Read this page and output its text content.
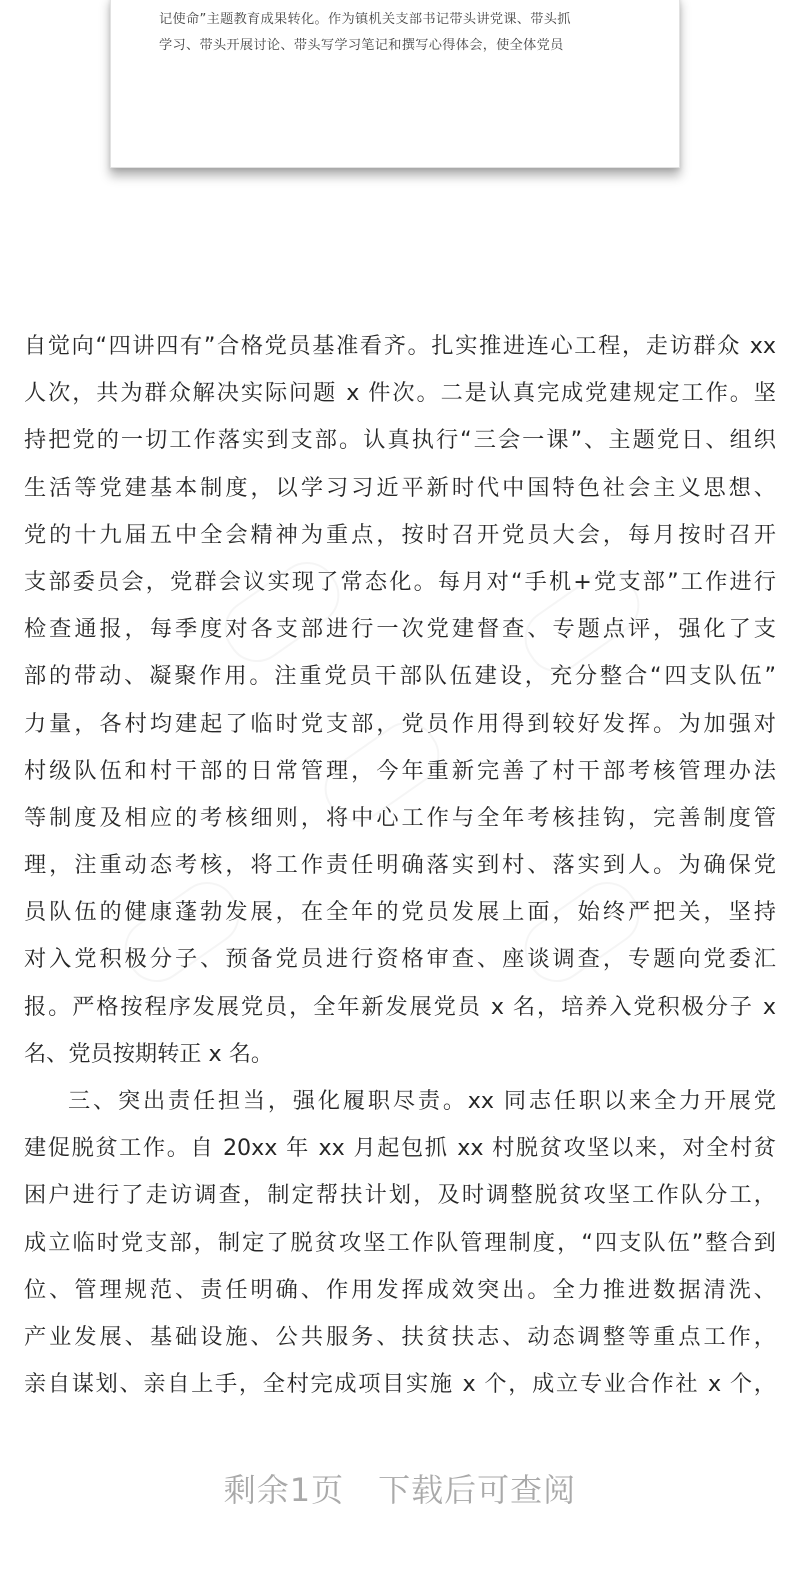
记使命”主题教育成果转化。作为镇机关支部书记带头讲党课、带头抓
学习、带头开展讨论、带头写学习笔记和撰写心得体会，使全体党员
自觉向“四讲四有”合格党员基准看齐。扎实推进连心工程，走访群众 xx
人次，共为群众解决实际问题 x 件次。二是认真完成党建规定工作。坚
持把党的一切工作落实到支部。认真执行“三会一课”、主题党日、组织
生活等党建基本制度，以学习习近平新时代中国特色社会主义思想、
党的十九届五中全会精神为重点，按时召开党员大会，每月按时召开
支部委员会，党群会议实现了常态化。每月对“手机+党支部”工作进行
检查通报，每季度对各支部进行一次党建督查、专题点评，强化了支
部的带动、凝聚作用。注重党员干部队伍建设，充分整合“四支队伍”
力量，各村均建起了临时党支部，党员作用得到较好发挥。为加强对
村级队伍和村干部的日常管理，今年重新完善了村干部考核管理办法
等制度及相应的考核细则，将中心工作与全年考核挂钩，完善制度管
理，注重动态考核，将工作责任明确落实到村、落实到人。为确保党
员队伍的健康蓬勃发展，在全年的党员发展上面，始终严把关，坚持
对入党积极分子、预备党员进行资格审查、座谈调查，专题向党委汇
报。严格按程序发展党员，全年新发展党员 x 名，培养入党积极分子 x
名、党员按期转正 x 名。
三、突出责任担当，强化履职尽责。xx 同志任职以来全力开展党
建促脱贫工作。自 20xx 年 xx 月起包抓 xx 村脱贫攻坚以来，对全村贫
困户进行了走访调查，制定帮扶计划，及时调整脱贫攻坚工作队分工，
成立临时党支部，制定了脱贫攻坚工作队管理制度，“四支队伍”整合到
位、管理规范、责任明确、作用发挥成效突出。全力推进数据清洗、
产业发展、基础设施、公共服务、扶贫扶志、动态调整等重点工作，
亲自谋划、亲自上手，全村完成项目实施 x 个，成立专业合作社 x 个，
剩余1页 下载后可查阅
